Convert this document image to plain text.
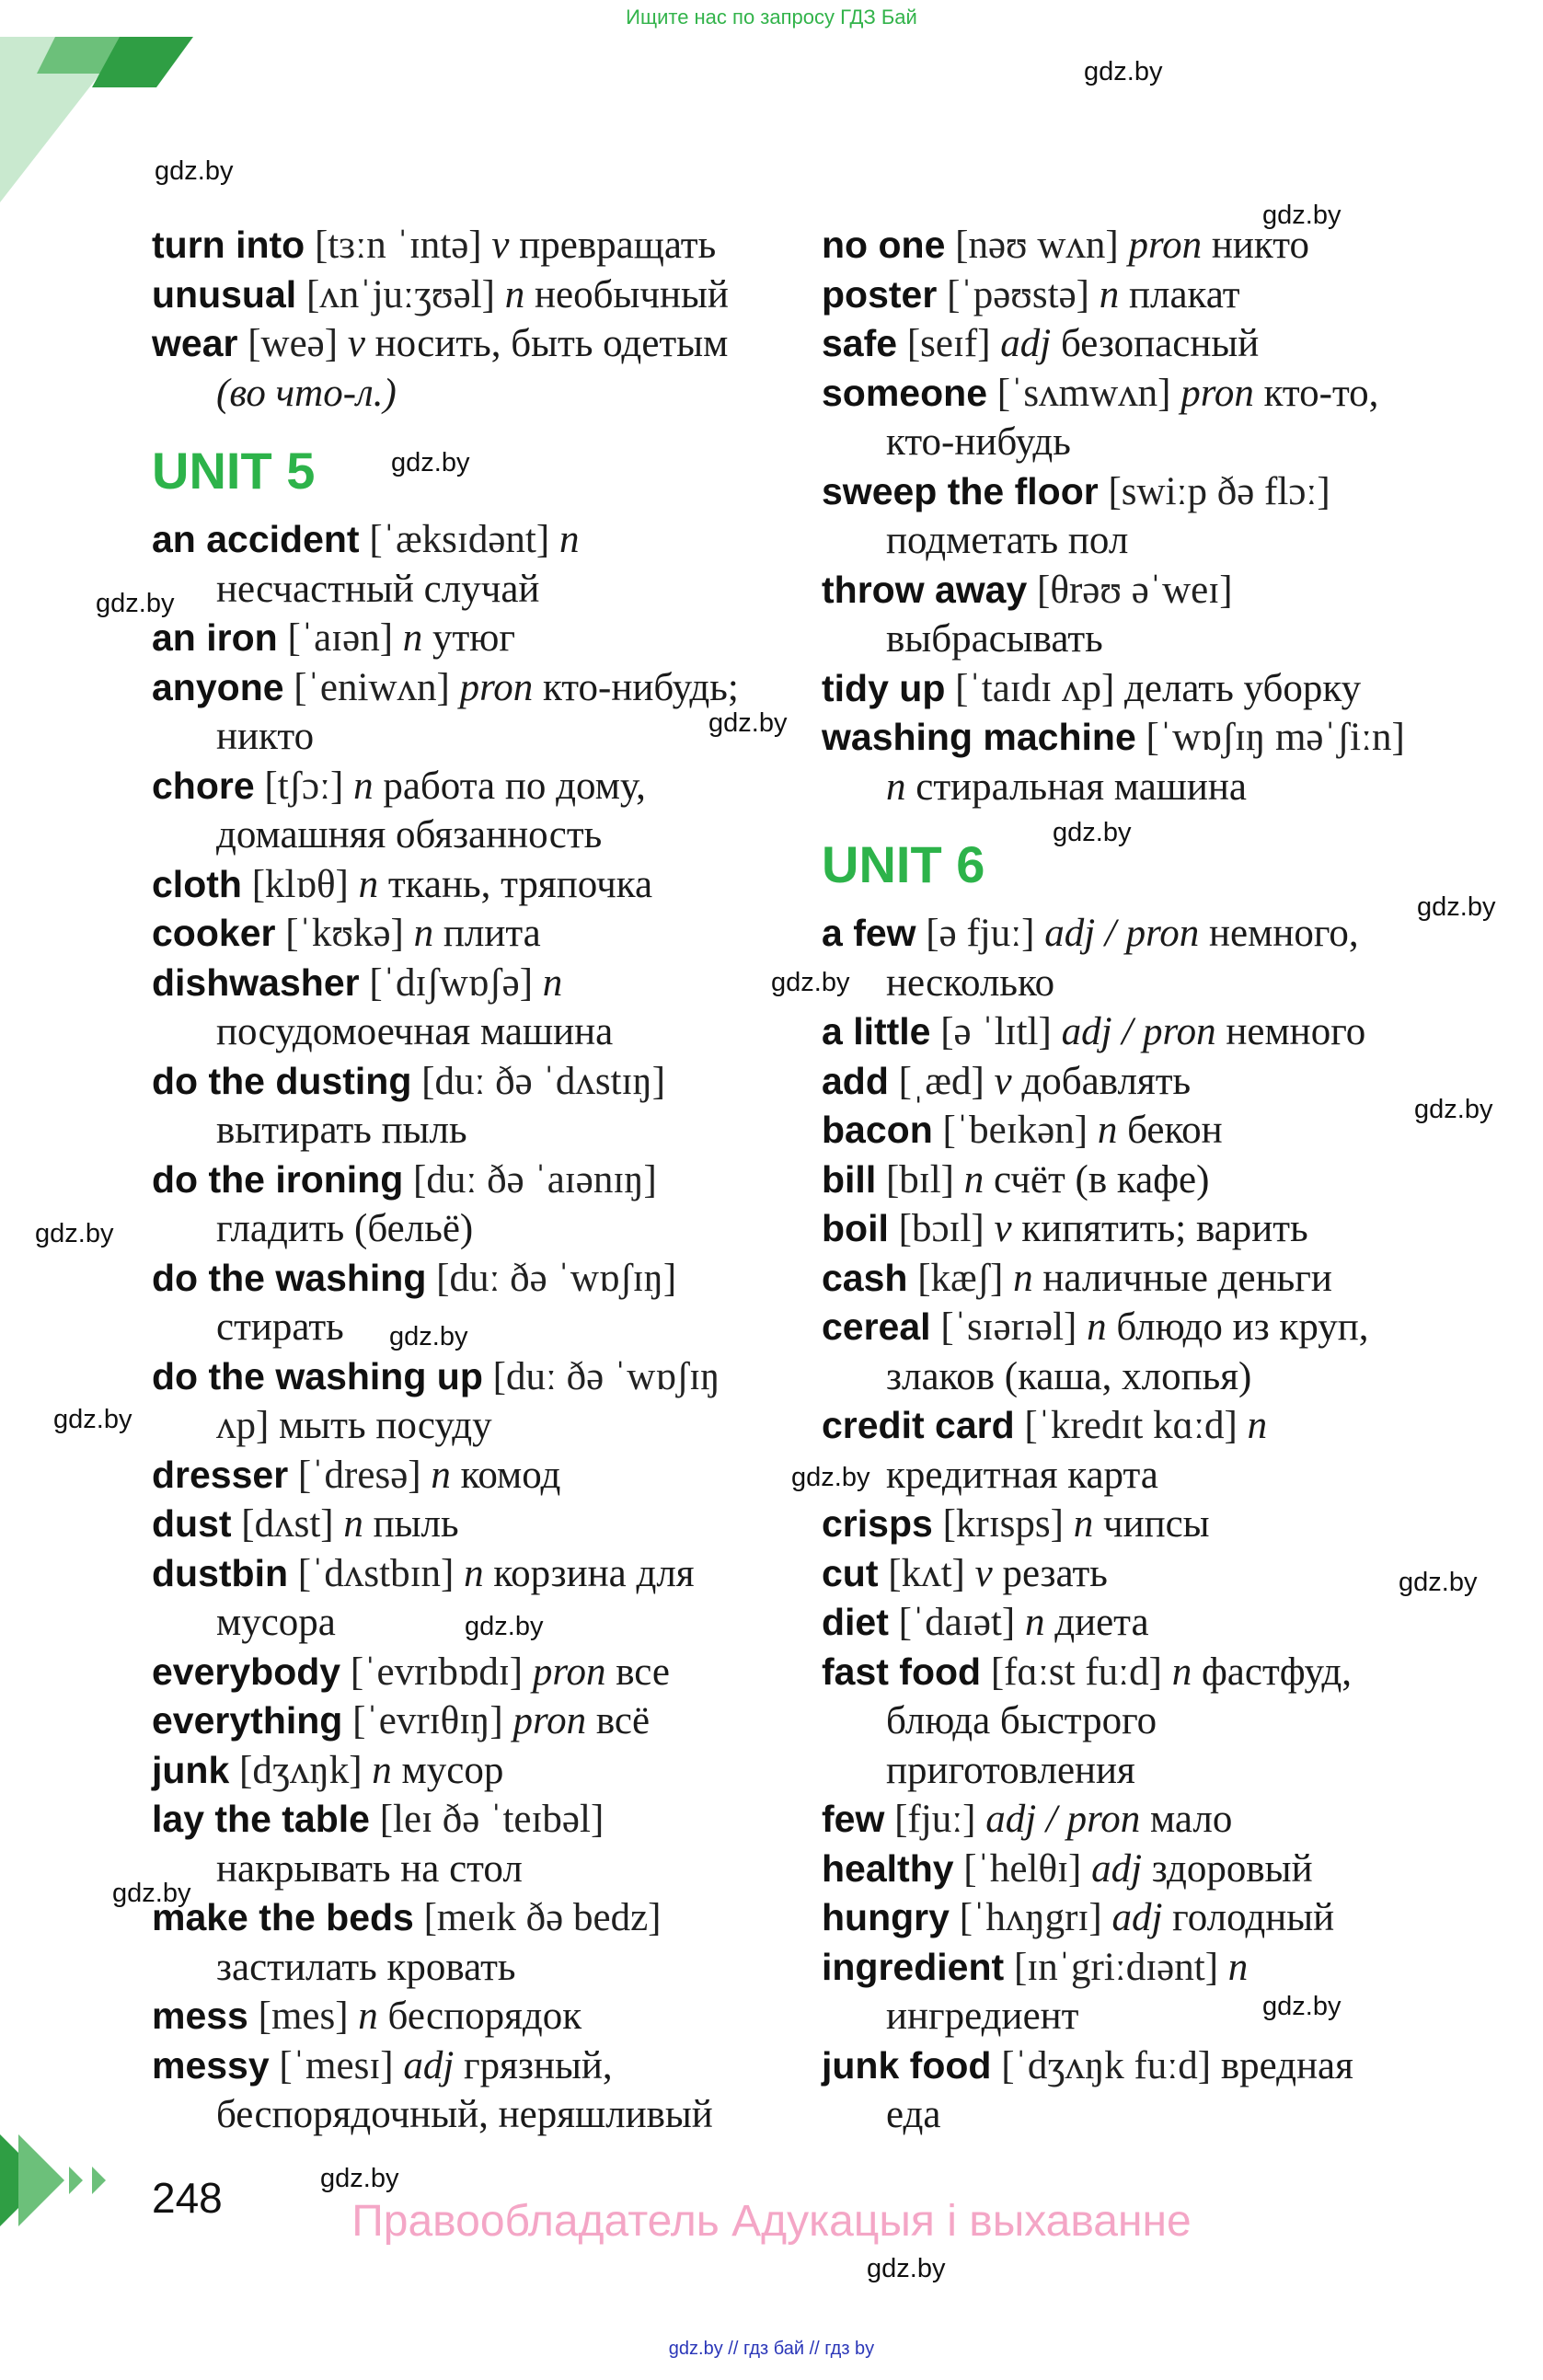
Ищите нас по запросу ГДЗ Бай
gdz.by
gdz.by
gdz.by
gdz.by
gdz.by
gdz.by
gdz.by
gdz.by
gdz.by
gdz.by
gdz.by
gdz.by
gdz.by
gdz.by
gdz.by
gdz.by
gdz.by
gdz.by
gdz.by
gdz.by
turn into [tɜːn ˈɪntə] v превращать
unusual [ʌnˈjuːʒʊəl] n необычный
wear [weə] v носить, быть одетым (во что-л.)
UNIT 5
an accident [ˈæksɪdənt] n несчастный случай
an iron [ˈaɪən] n утюг
anyone [ˈeniwʌn] pron кто-нибудь; никто
chore [tʃɔː] n работа по дому, домашняя обязанность
cloth [klɒθ] n ткань, тряпочка
cooker [ˈkʊkə] n плита
dishwasher [ˈdɪʃwɒʃə] n посудомоечная машина
do the dusting [duː ðə ˈdʌstɪŋ] вытирать пыль
do the ironing [duː ðə ˈaɪənɪŋ] гладить (бельё)
do the washing [duː ðə ˈwɒʃɪŋ] стирать
do the washing up [duː ðə ˈwɒʃɪŋ ʌp] мыть посуду
dresser [ˈdresə] n комод
dust [dʌst] n пыль
dustbin [ˈdʌstbɪn] n корзина для мусора
everybody [ˈevrɪbɒdɪ] pron все
everything [ˈevrɪθɪŋ] pron всё
junk [dʒʌŋk] n мусор
lay the table [leɪ ðə ˈteɪbəl] накрывать на стол
make the beds [meɪk ðə bedz] застилать кровать
mess [mes] n беспорядок
messy [ˈmesɪ] adj грязный, беспорядочный, неряшливый
no one [nəʊ wʌn] pron никто
poster [ˈpəʊstə] n плакат
safe [seɪf] adj безопасный
someone [ˈsʌmwʌn] pron кто-то, кто-нибудь
sweep the floor [swiːp ðə flɔː] подметать пол
throw away [θrəʊ əˈweɪ] выбрасывать
tidy up [ˈtaɪdɪ ʌp] делать уборку
washing machine [ˈwɒʃɪŋ məˈʃiːn] n стиральная машина
UNIT 6
a few [ə fjuː] adj / pron немного, несколько
a little [ə ˈlɪtl] adj / pron немного
add [ˌæd] v добавлять
bacon [ˈbeɪkən] n бекон
bill [bɪl] n счёт (в кафе)
boil [bɔɪl] v кипятить; варить
cash [kæʃ] n наличные деньги
cereal [ˈsɪərɪəl] n блюдо из круп, злаков (каша, хлопья)
credit card [ˈkredɪt kɑːd] n кредитная карта
crisps [krɪsps] n чипсы
cut [kʌt] v резать
diet [ˈdaɪət] n диета
fast food [fɑːst fuːd] n фастфуд, блюда быстрого приготовления
few [fjuː] adj / pron мало
healthy [ˈhelθɪ] adj здоровый
hungry [ˈhʌŋgrɪ] adj голодный
ingredient [ɪnˈgriːdɪənt] n ингредиент
junk food [ˈdʒʌŋk fuːd] вредная еда
248	Правообладатель Адукацыя і выхаванне
gdz.by // гдз бай // гдз by
